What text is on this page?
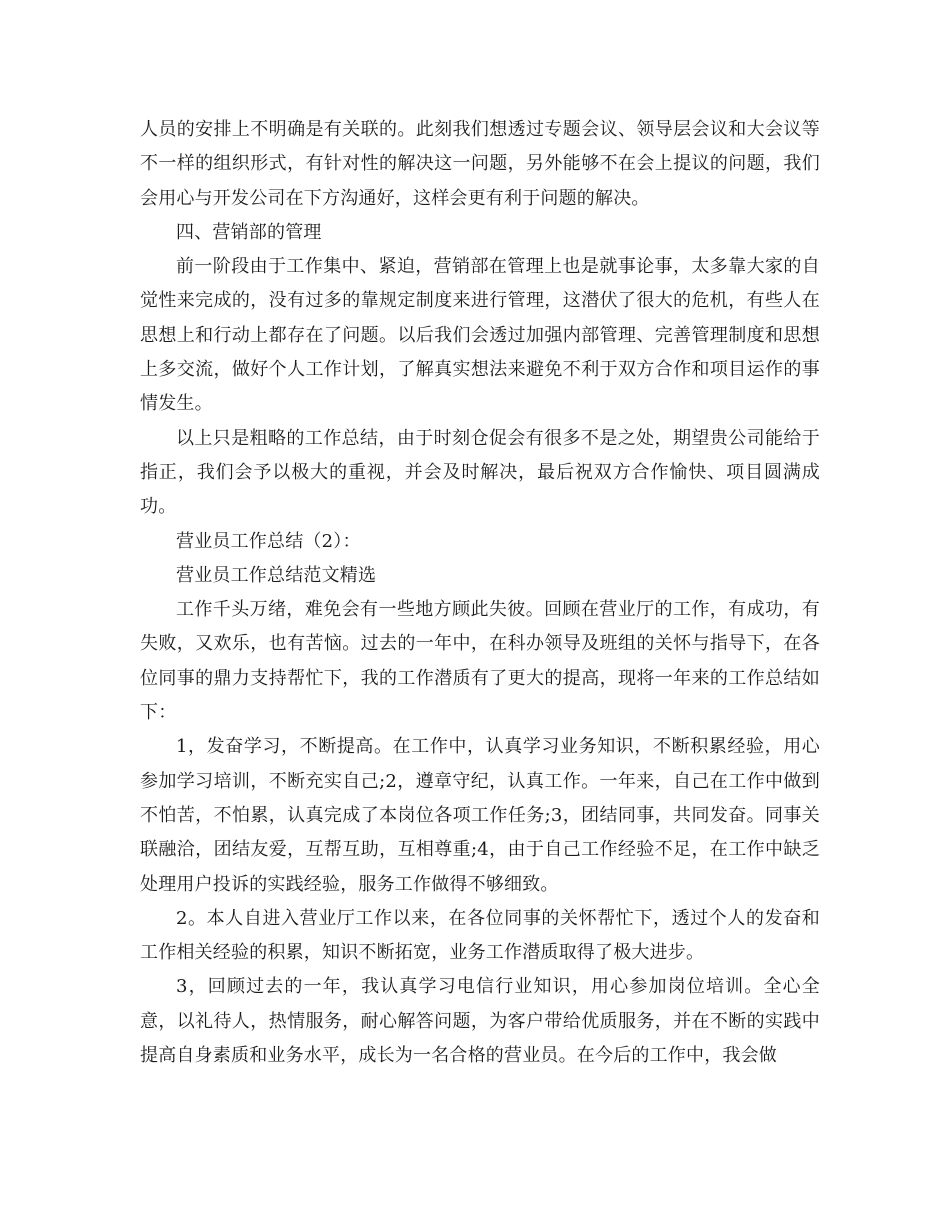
人员的安排上不明确是有关联的。此刻我们想透过专题会议、领导层会议和大会议等不一样的组织形式，有针对性的解决这一问题，另外能够不在会上提议的问题，我们会用心与开发公司在下方沟通好，这样会更有利于问题的解决。

四、营销部的管理

前一阶段由于工作集中、紧迫，营销部在管理上也是就事论事，太多靠大家的自觉性来完成的，没有过多的靠规定制度来进行管理，这潜伏了很大的危机，有些人在思想上和行动上都存在了问题。以后我们会透过加强内部管理、完善管理制度和思想上多交流，做好个人工作计划，了解真实想法来避免不利于双方合作和项目运作的事情发生。

以上只是粗略的工作总结，由于时刻仓促会有很多不是之处，期望贵公司能给于指正，我们会予以极大的重视，并会及时解决，最后祝双方合作愉快、项目圆满成功。

营业员工作总结（2）：

营业员工作总结范文精选

工作千头万绪，难免会有一些地方顾此失彼。回顾在营业厅的工作，有成功，有失败，又欢乐，也有苦恼。过去的一年中，在科办领导及班组的关怀与指导下，在各位同事的鼎力支持帮忙下，我的工作潜质有了更大的提高，现将一年来的工作总结如下：

1，发奋学习，不断提高。在工作中，认真学习业务知识，不断积累经验，用心参加学习培训，不断充实自己;2，遵章守纪，认真工作。一年来，自己在工作中做到不怕苦，不怕累，认真完成了本岗位各项工作任务;3，团结同事，共同发奋。同事关联融洽，团结友爱，互帮互助，互相尊重;4，由于自己工作经验不足，在工作中缺乏处理用户投诉的实践经验，服务工作做得不够细致。

2。本人自进入营业厅工作以来，在各位同事的关怀帮忙下，透过个人的发奋和工作相关经验的积累，知识不断拓宽，业务工作潜质取得了极大进步。

3，回顾过去的一年，我认真学习电信行业知识，用心参加岗位培训。全心全意，以礼待人，热情服务，耐心解答问题，为客户带给优质服务，并在不断的实践中提高自身素质和业务水平，成长为一名合格的营业员。在今后的工作中，我会做
